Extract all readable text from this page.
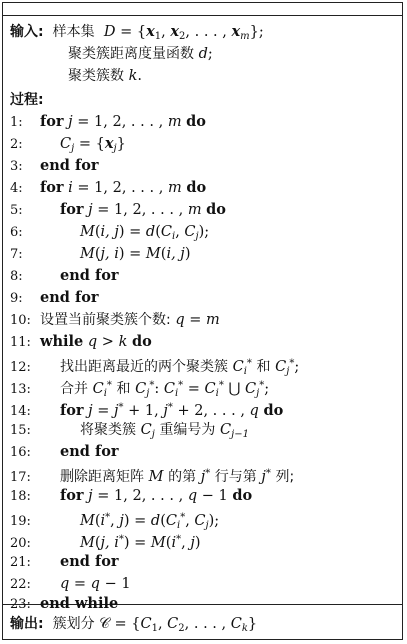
输入:  样本集  $D = \{x_1$, $x_2$, . . . , $x_m$};
聚类簇距离度量函数 d;
聚类簇数 k.
过程:
1: for j = 1, 2, . . . , m do
2:	$C_j = \{x_j\}$
3: end for
4: for i = 1, 2, . . . , m do
5:	for j = 1, 2, . . . , m do
6:	M(i, $j) = d(C_i$, $C_j$);
7:	M(j, i) = M(i, j)
8:	end for
9: end for
10: 设置当前聚类簇个数: q = m
11: while q > k do
12: 找出距离最近的两个聚类簇 $C_i^*$ 和 $C_j^*$;
13: 合并 $C_i^*$ 和 $C_j^*$: $C_i^* = C_i^*$ ⋃ $C_j^*$;
14: for j = j* + 1, j* + 2, . . . , q do
15:	将聚类簇 $C_j$ 重编号为 $C_{j-1}$
16: end for
17: 删除距离矩阵 M 的第 j* 行与第 j* 列;
18: for j = 1, 2, . . . , q − 1 do
19:	M(i*, $j) = d(C_i^*$, $C_j$);
20:	M(j, i*) = M(i*, j)
21: end for
22: q = q − 1
23: end while
输出:  簇划分 𝒞 = {$C_1$, $C_2$, . . . , $C_k$}
